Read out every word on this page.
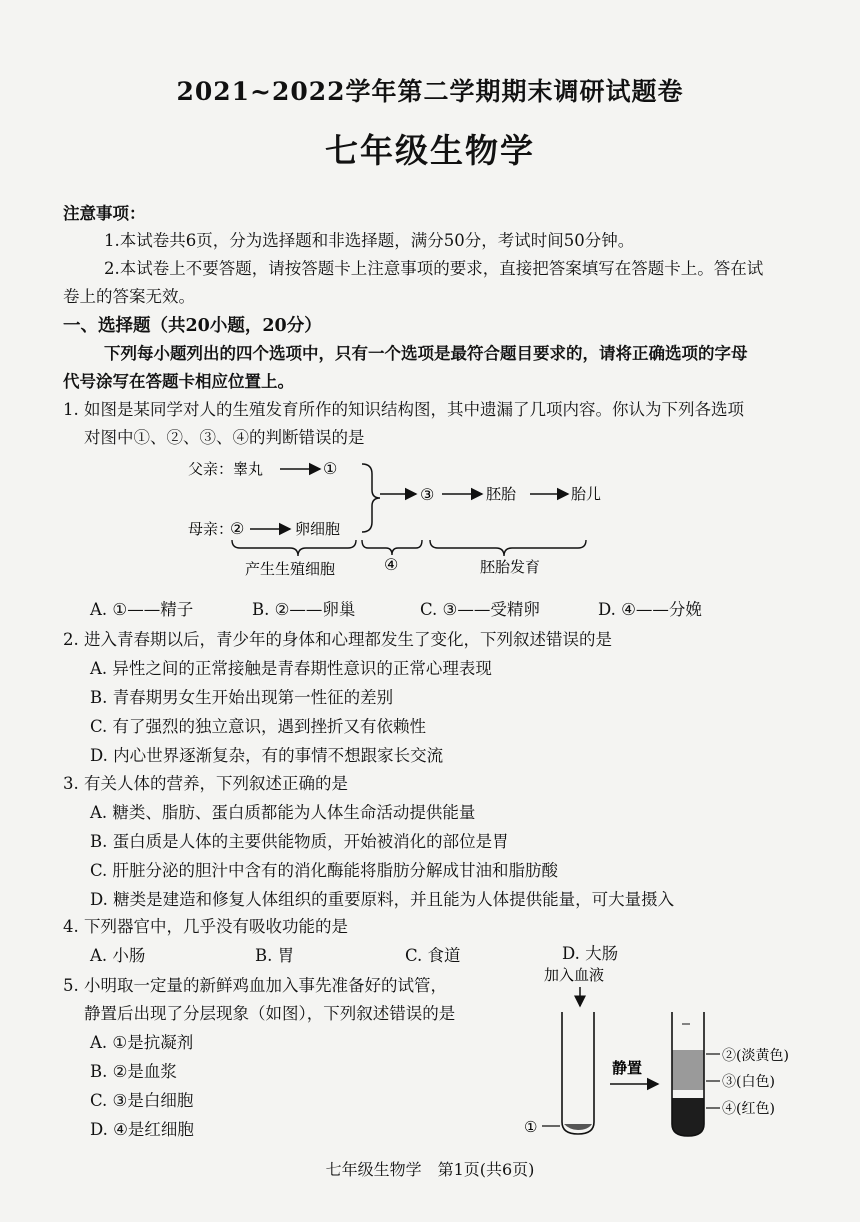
2021~2022学年第二学期期末调研试题卷
七年级生物学
注意事项：
1.本试卷共6页，分为选择题和非选择题，满分50分，考试时间50分钟。
2.本试卷上不要答题，请按答题卡上注意事项的要求，直接把答案填写在答题卡上。答在试
卷上的答案无效。
一、选择题（共20小题，20分）
下列每小题列出的四个选项中，只有一个选项是最符合题目要求的，请将正确选项的字母
代号涂写在答题卡相应位置上。
1. 如图是某同学对人的生殖发育所作的知识结构图，其中遗漏了几项内容。你认为下列各选项
对图中①、②、③、④的判断错误的是
父亲：睾丸	①
母亲：
②	卵细胞
③	胚胎	胎儿
产生生殖细胞	④	胚胎发育
A. ①——精子	B. ②——卵巢	C. ③——受精卵	D. ④——分娩
2. 进入青春期以后，青少年的身体和心理都发生了变化，下列叙述错误的是
A. 异性之间的正常接触是青春期性意识的正常心理表现
B. 青春期男女生开始出现第一性征的差别
C. 有了强烈的独立意识，遇到挫折又有依赖性
D. 内心世界逐渐复杂，有的事情不想跟家长交流
3. 有关人体的营养，下列叙述正确的是
A. 糖类、脂肪、蛋白质都能为人体生命活动提供能量
B. 蛋白质是人体的主要供能物质，开始被消化的部位是胃
C. 肝脏分泌的胆汁中含有的消化酶能将脂肪分解成甘油和脂肪酸
D. 糖类是建造和修复人体组织的重要原料，并且能为人体提供能量，可大量摄入
4. 下列器官中，几乎没有吸收功能的是
A. 小肠	B. 胃	C. 食道	D. 大肠
5. 小明取一定量的新鲜鸡血加入事先准备好的试管，
静置后出现了分层现象（如图），下列叙述错误的是
A. ①是抗凝剂
B. ②是血浆
C. ③是白细胞
D. ④是红细胞
加入血液
①
静置
②(淡黄色)
③(白色)
④(红色)
七年级生物学　第1页(共6页)
